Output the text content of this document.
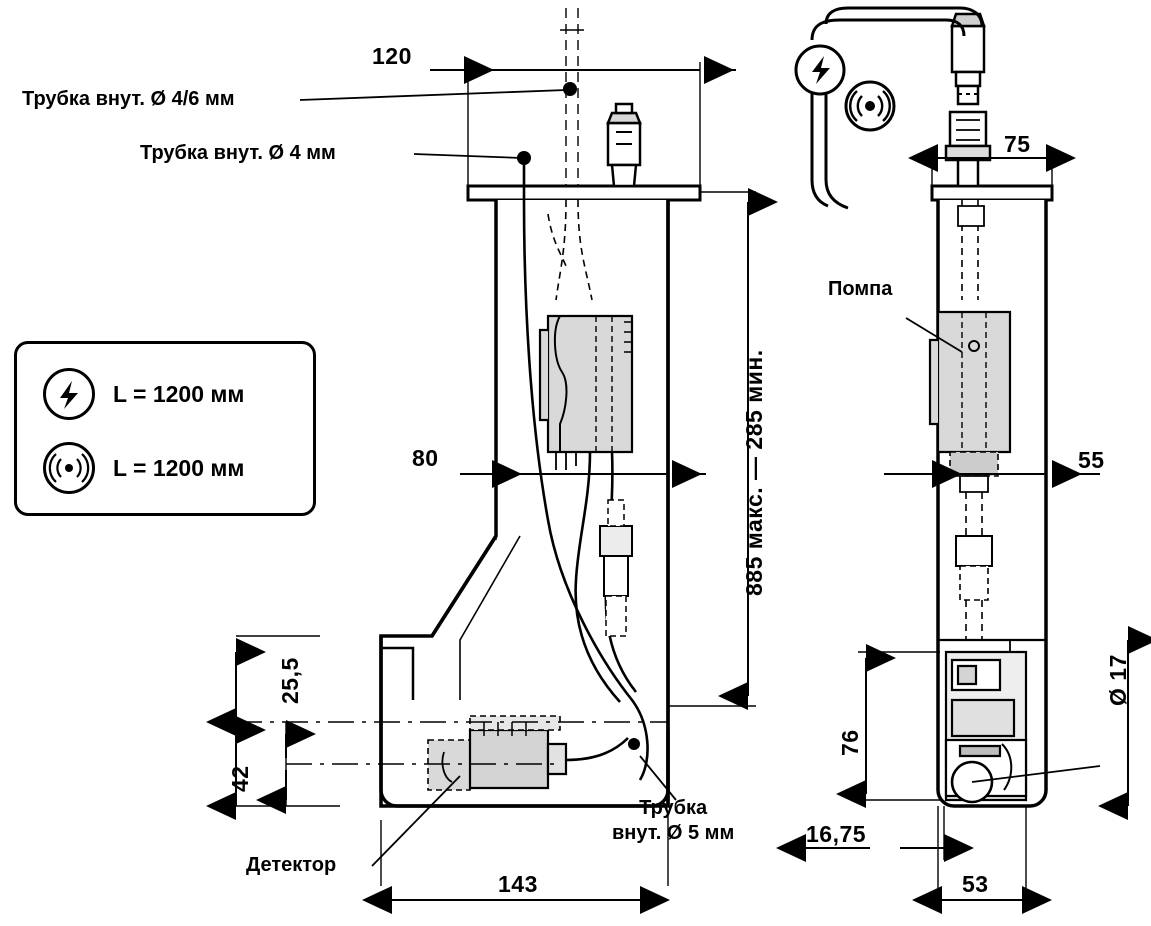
120
Трубка внут. Ø 4/6 мм
Трубка внут. Ø 4 мм
80
143
25,5
42
885 макс. — 285 мин.
Трубка
внут. Ø 5 мм
Детектор
Помпа
75
55
76
Ø 17
16,75
53
L = 1200 мм
L = 1200 мм
